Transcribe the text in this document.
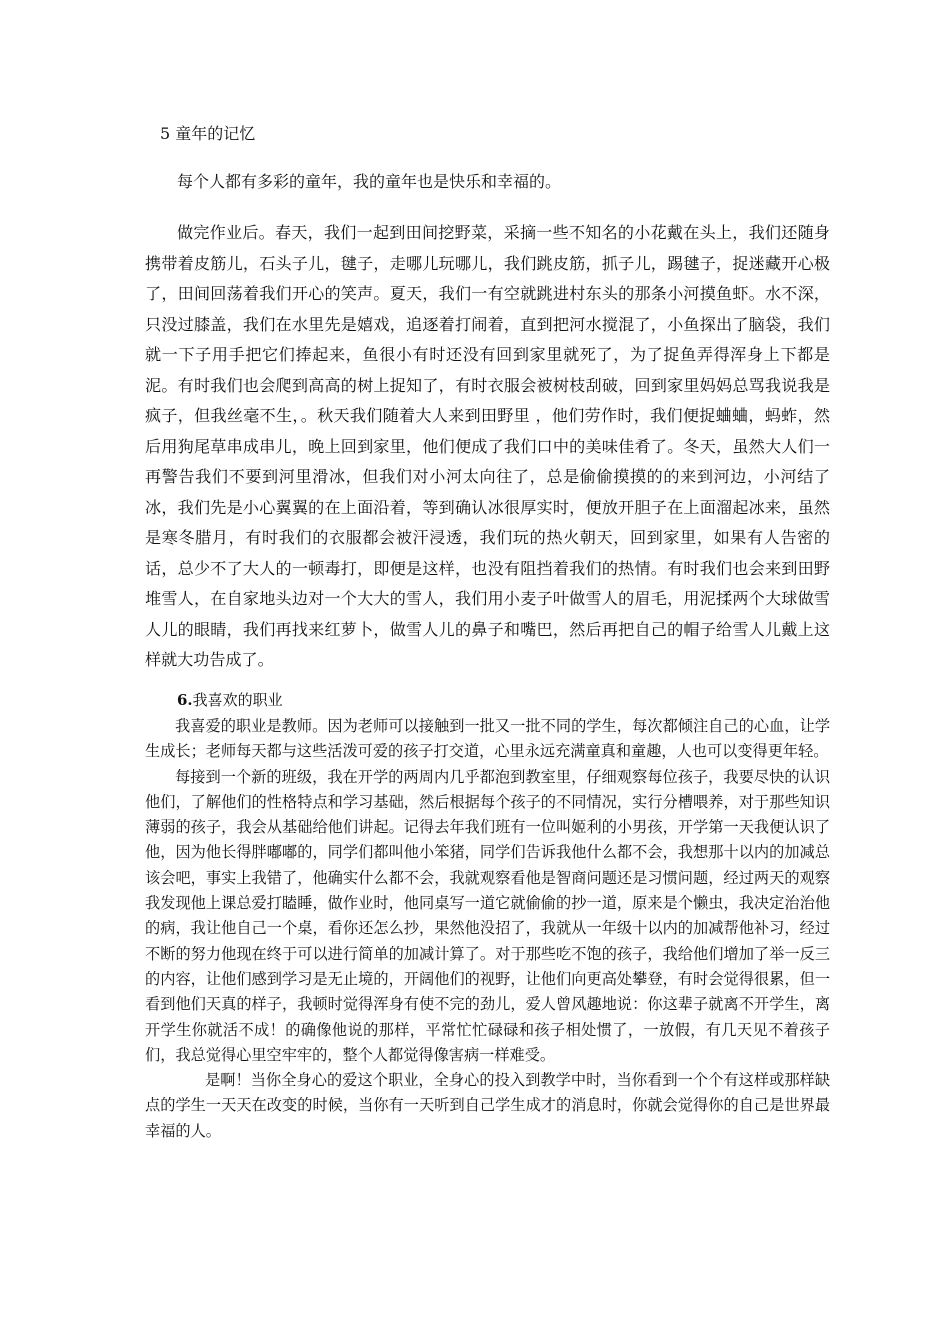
5 童年的记忆

每个人都有多彩的童年，我的童年也是快乐和幸福的。

做完作业后。春天，我们一起到田间挖野菜，采摘一些不知名的小花戴在头上，我们还随身携带着皮筋儿，石头子儿，毽子，走哪儿玩哪儿，我们跳皮筋，抓子儿，踢毽子，捉迷藏开心极了，田间回荡着我们开心的笑声。夏天，我们一有空就跳进村东头的那条小河摸鱼虾。水不深，只没过膝盖，我们在水里先是嬉戏，追逐着打闹着，直到把河水搅混了，小鱼探出了脑袋，我们就一下子用手把它们捧起来，鱼很小有时还没有回到家里就死了，为了捉鱼弄得浑身上下都是泥。有时我们也会爬到高高的树上捉知了，有时衣服会被树枝刮破，回到家里妈妈总骂我说我是疯子，但我丝毫不生，。秋天我们随着大人来到田野里 ，他们劳作时，我们便捉蛐蛐，蚂蚱，然后用狗尾草串成串儿，晚上回到家里，他们便成了我们口中的美味佳肴了。冬天，虽然大人们一再警告我们不要到河里滑冰，但我们对小河太向往了，总是偷偷摸摸的的来到河边，小河结了冰，我们先是小心翼翼的在上面沿着，等到确认冰很厚实时，便放开胆子在上面溜起冰来，虽然是寒冬腊月，有时我们的衣服都会被汗浸透，我们玩的热火朝天，回到家里，如果有人告密的话，总少不了大人的一顿毒打，即便是这样，也没有阻挡着我们的热情。有时我们也会来到田野堆雪人，在自家地头边对一个大大的雪人，我们用小麦子叶做雪人的眉毛，用泥揉两个大球做雪人儿的眼睛，我们再找来红萝卜，做雪人儿的鼻子和嘴巴，然后再把自己的帽子给雪人儿戴上这样就大功告成了。

6.我喜欢的职业

我喜爱的职业是教师。因为老师可以接触到一批又一批不同的学生，每次都倾注自己的心血，让学生成长；老师每天都与这些活泼可爱的孩子打交道，心里永远充满童真和童趣，人也可以变得更年轻。

每接到一个新的班级，我在开学的两周内几乎都泡到教室里，仔细观察每位孩子，我要尽快的认识他们，了解他们的性格特点和学习基础，然后根据每个孩子的不同情况，实行分槽喂养，对于那些知识薄弱的孩子，我会从基础给他们讲起。记得去年我们班有一位叫姬利的小男孩，开学第一天我便认识了他，因为他长得胖嘟嘟的，同学们都叫他小笨猪，同学们告诉我他什么都不会，我想那十以内的加减总该会吧，事实上我错了，他确实什么都不会，我就观察看他是智商问题还是习惯问题，经过两天的观察我发现他上课总爱打瞌睡，做作业时，他同桌写一道它就偷偷的抄一道，原来是个懒虫，我决定治治他的病，我让他自己一个桌，看你还怎么抄，果然他没招了，我就从一年级十以内的加减帮他补习，经过不断的努力他现在终于可以进行简单的加减计算了。对于那些吃不饱的孩子，我给他们增加了举一反三的内容，让他们感到学习是无止境的，开阔他们的视野，让他们向更高处攀登，有时会觉得很累，但一看到他们天真的样子，我顿时觉得浑身有使不完的劲儿，爱人曾风趣地说：你这辈子就离不开学生，离开学生你就活不成！的确像他说的那样，平常忙忙碌碌和孩子相处惯了，一放假，有几天见不着孩子们，我总觉得心里空牢牢的，整个人都觉得像害病一样难受。

是啊！当你全身心的爱这个职业，全身心的投入到教学中时，当你看到一个个有这样或那样缺点的学生一天天在改变的时候，当你有一天听到自己学生成才的消息时，你就会觉得你的自己是世界最幸福的人。
